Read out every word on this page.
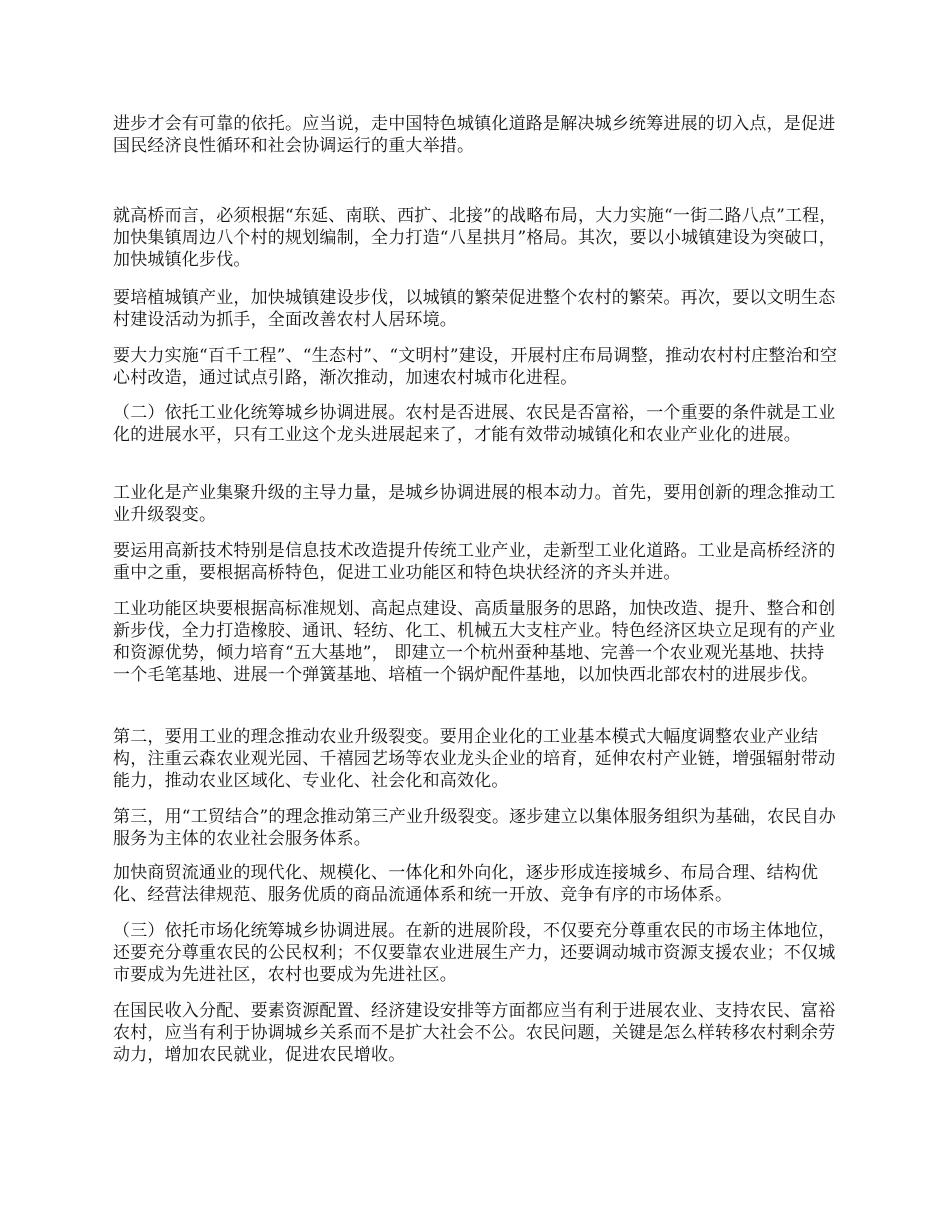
进步才会有可靠的依托。应当说，走中国特色城镇化道路是解决城乡统筹进展的切入点，是促进国民经济良性循环和社会协调运行的重大举措。

就高桥而言，必须根据“东延、南联、西扩、北接”的战略布局，大力实施“一街二路八点”工程，加快集镇周边八个村的规划编制，全力打造“八星拱月”格局。其次，要以小城镇建设为突破口，加快城镇化步伐。

要培植城镇产业，加快城镇建设步伐，以城镇的繁荣促进整个农村的繁荣。再次，要以文明生态村建设活动为抓手，全面改善农村人居环境。

要大力实施“百千工程”、“生态村”、“文明村”建设，开展村庄布局调整，推动农村村庄整治和空心村改造，通过试点引路，渐次推动，加速农村城市化进程。

（二）依托工业化统筹城乡协调进展。农村是否进展、农民是否富裕，一个重要的条件就是工业化的进展水平，只有工业这个龙头进展起来了，才能有效带动城镇化和农业产业化的进展。

工业化是产业集聚升级的主导力量，是城乡协调进展的根本动力。首先，要用创新的理念推动工业升级裂变。

要运用高新技术特别是信息技术改造提升传统工业产业，走新型工业化道路。工业是高桥经济的重中之重，要根据高桥特色，促进工业功能区和特色块状经济的齐头并进。

工业功能区块要根据高标准规划、高起点建设、高质量服务的思路，加快改造、提升、整合和创新步伐，全力打造橡胶、通讯、轻纺、化工、机械五大支柱产业。特色经济区块立足现有的产业和资源优势，倾力培育“五大基地”， 即建立一个杭州蚕种基地、完善一个农业观光基地、扶持一个毛笔基地、进展一个弹簧基地、培植一个锅炉配件基地，以加快西北部农村的进展步伐。

第二，要用工业的理念推动农业升级裂变。要用企业化的工业基本模式大幅度调整农业产业结构，注重云森农业观光园、千禧园艺场等农业龙头企业的培育，延伸农村产业链，增强辐射带动能力，推动农业区域化、专业化、社会化和高效化。

第三，用“工贸结合”的理念推动第三产业升级裂变。逐步建立以集体服务组织为基础，农民自办服务为主体的农业社会服务体系。

加快商贸流通业的现代化、规模化、一体化和外向化，逐步形成连接城乡、布局合理、结构优化、经营法律规范、服务优质的商品流通体系和统一开放、竞争有序的市场体系。

（三）依托市场化统筹城乡协调进展。在新的进展阶段，不仅要充分尊重农民的市场主体地位，还要充分尊重农民的公民权利；不仅要靠农业进展生产力，还要调动城市资源支援农业；不仅城市要成为先进社区，农村也要成为先进社区。

在国民收入分配、要素资源配置、经济建设安排等方面都应当有利于进展农业、支持农民、富裕农村，应当有利于协调城乡关系而不是扩大社会不公。农民问题，关键是怎么样转移农村剩余劳动力，增加农民就业，促进农民增收。
